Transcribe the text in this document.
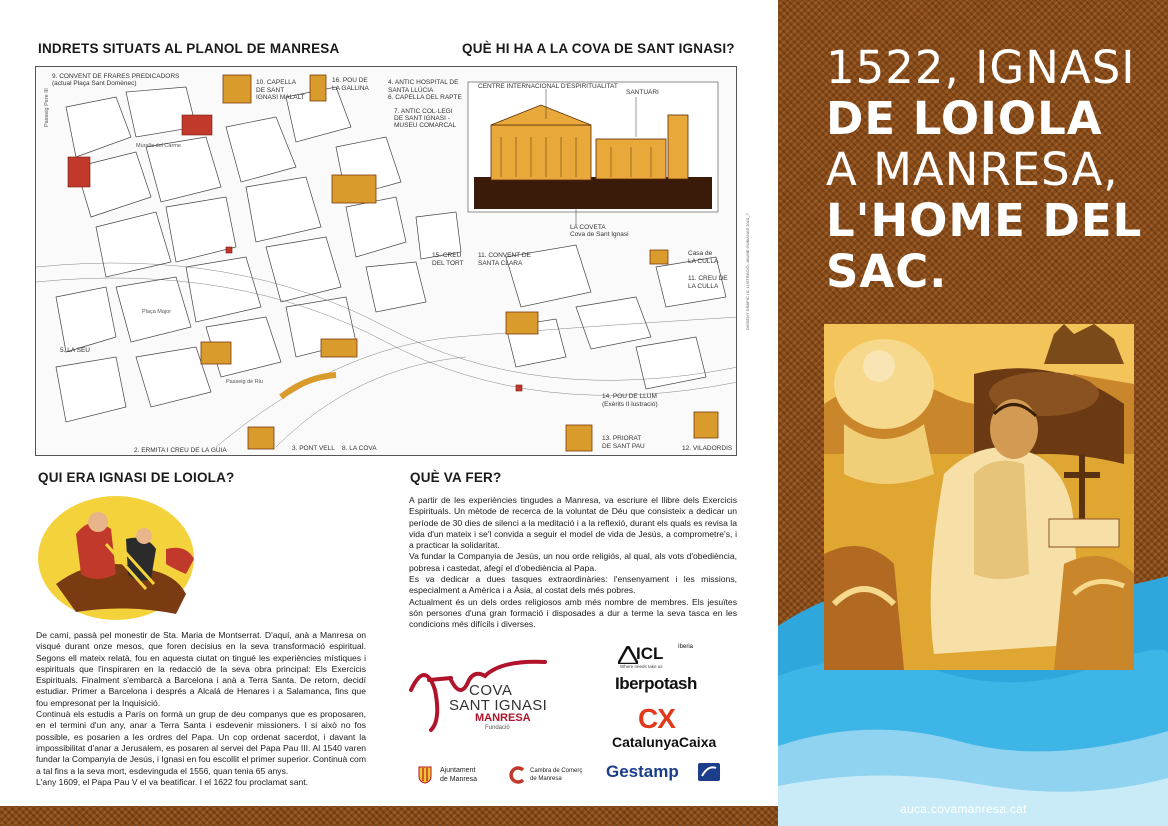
INDRETS SITUATS AL PLANOL DE MANRESA	QUÈ HI HA A LA COVA DE SANT IGNASI?
9. CONVENT DE FRARES PREDICADORS
(actual Plaça Sant Domènec)	10. CAPELLA DE SANT IGNASI MALALT
16. POU DE LA GALLINA
4. ANTIC HOSPITAL DE SANTA LLÚCIA
6. CAPELLA DEL RAPTE
7. ANTIC COL·LEGI
DE SANT IGNASI -
MUSEU COMARCAL
CENTRE INTERNACIONAL D'ESPIRITUALITAT
SANTUARI
LA COVETA
Cova de Sant Ignasi
15. CREU
DEL TORT
11. CONVENT DE
SANTA CLARA
Casa de
LA CULLA
11. CREU DE
LA CULLA
5. LA SEU
14. POU DE LLUM
(Exèrits Il·lustració)
13. PRIORAT
DE SANT PAU	12. VILADORDIS
2. ERMITA I CREU DE LA GUIA	3. PONT VELL 8. LA COVA
Muralla del Carme
Plaça Major
Passeig de Riu
Passeig Pere III
DISSENY GRÀFIC I IL·LUSTRACIÓ: JAUME GUBIANAS 2015_?
QUI ERA IGNASI DE LOIOLA?

De camí, passà pel monestir de Sta. Maria de Montserrat. D'aquí, anà a Manresa on visqué durant onze mesos, que foren decisius en la seva transformació espiritual. Segons ell mateix relatà, fou en aquesta ciutat on tingué les experiències místiques i espirituals que l'inspiraren en la redacció de la seva obra principal: Els Exercicis Espirituals. Finalment s'embarcà a Barcelona i anà a Terra Santa. De retorn, decidí estudiar. Primer a Barcelona i després a Alcalá de Henares i a Salamanca, fins que fou empresonat per la Inquisició.

Continuà els estudis a París on formà un grup de deu companys que es proposaren, en el termini d'un any, anar a Terra Santa i esdevenir missioners. I si això no fos possible, es posarien a les ordres del Papa. Un cop ordenat sacerdot, i davant la impossibilitat d'anar a Jerusalem, es posaren al servei del Papa Pau III. Al 1540 varen fundar la Companyia de Jesús, i Ignasi en fou escollit el primer superior. Continuà com a tal fins a la seva mort, esdevinguda el 1556, quan tenia 65 anys.

L'any 1609, el Papa Pau V el va beatificar. I el 1622 fou proclamat sant.

QUÈ VA FER?

A partir de les experiències tingudes a Manresa, va escriure el llibre dels Exercicis Espirituals. Un mètode de recerca de la voluntat de Déu que consisteix a dedicar un període de 30 dies de silenci a la meditació i a la reflexió, durant els quals es revisa la vida d'un mateix i se'l convida a seguir el model de vida de Jesús, a comprometre's, i a practicar la solidaritat.

Va fundar la Companyia de Jesús, un nou orde religiós, al qual, als vots d'obediència, pobresa i castedat, afegí el d'obediència al Papa.

Es va dedicar a dues tasques extraordinàries: l'ensenyament i les missions, especialment a Amèrica i a Àsia, al costat dels més pobres.

Actualment és un dels ordes religiosos amb més nombre de membres. Els jesuïtes són persones d'una gran formació i disposades a dur a terme la seva tasca en les condicions més difícils i diverses.

COVA
SANT IGNASI
MANRESA
Fundació
ICL Iberia
Where needs take us
Iberpotash
CX
CatalunyaCaixa
Ajuntament
de Manresa
Cambra de Comerç
de Manresa	Gestamp
1522, IGNASI
DE LOIOLA
A MANRESA,
L'HOME DEL
SAC.
auca.covamanresa.cat
